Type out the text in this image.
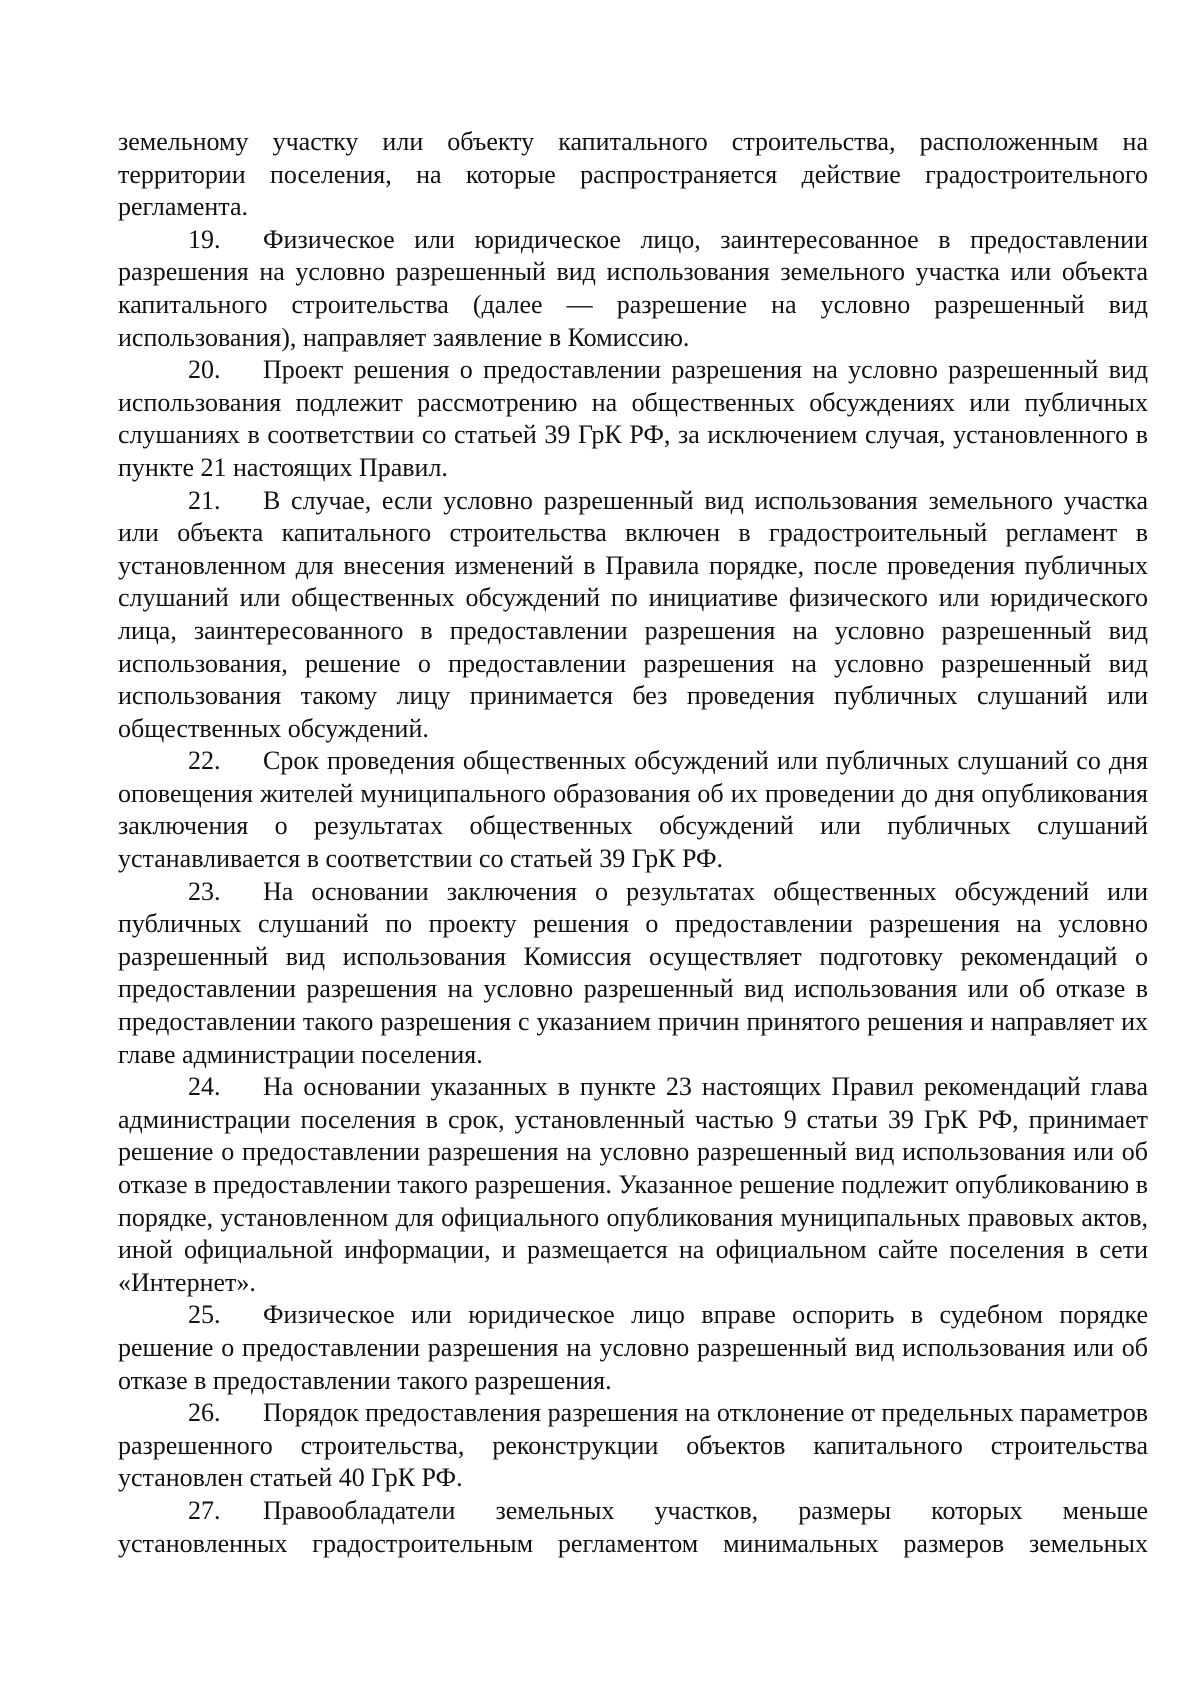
земельному участку или объекту капитального строительства, расположенным на территории поселения, на которые распространяется действие градостроительного регламента.

19. Физическое или юридическое лицо, заинтересованное в предоставлении разрешения на условно разрешенный вид использования земельного участка или объекта капитального строительства (далее — разрешение на условно разрешенный вид использования), направляет заявление в Комиссию.

20. Проект решения о предоставлении разрешения на условно разрешенный вид использования подлежит рассмотрению на общественных обсуждениях или публичных слушаниях в соответствии со статьей 39 ГрК РФ, за исключением случая, установленного в пункте 21 настоящих Правил.

21. В случае, если условно разрешенный вид использования земельного участка или объекта капитального строительства включен в градостроительный регламент в установленном для внесения изменений в Правила порядке, после проведения публичных слушаний или общественных обсуждений по инициативе физического или юридического лица, заинтересованного в предоставлении разрешения на условно разрешенный вид использования, решение о предоставлении разрешения на условно разрешенный вид использования такому лицу принимается без проведения публичных слушаний или общественных обсуждений.

22. Срок проведения общественных обсуждений или публичных слушаний со дня оповещения жителей муниципального образования об их проведении до дня опубликования заключения о результатах общественных обсуждений или публичных слушаний устанавливается в соответствии со статьей 39 ГрК РФ.

23. На основании заключения о результатах общественных обсуждений или публичных слушаний по проекту решения о предоставлении разрешения на условно разрешенный вид использования Комиссия осуществляет подготовку рекомендаций о предоставлении разрешения на условно разрешенный вид использования или об отказе в предоставлении такого разрешения с указанием причин принятого решения и направляет их главе администрации поселения.

24. На основании указанных в пункте 23 настоящих Правил рекомендаций глава администрации поселения в срок, установленный частью 9 статьи 39 ГрК РФ, принимает решение о предоставлении разрешения на условно разрешенный вид использования или об отказе в предоставлении такого разрешения. Указанное решение подлежит опубликованию в порядке, установленном для официального опубликования муниципальных правовых актов, иной официальной информации, и размещается на официальном сайте поселения в сети «Интернет».

25. Физическое или юридическое лицо вправе оспорить в судебном порядке решение о предоставлении разрешения на условно разрешенный вид использования или об отказе в предоставлении такого разрешения.

26. Порядок предоставления разрешения на отклонение от предельных параметров разрешенного строительства, реконструкции объектов капитального строительства установлен статьей 40 ГрК РФ.

27. Правообладатели земельных участков, размеры которых меньше установленных градостроительным регламентом минимальных размеров земельных
